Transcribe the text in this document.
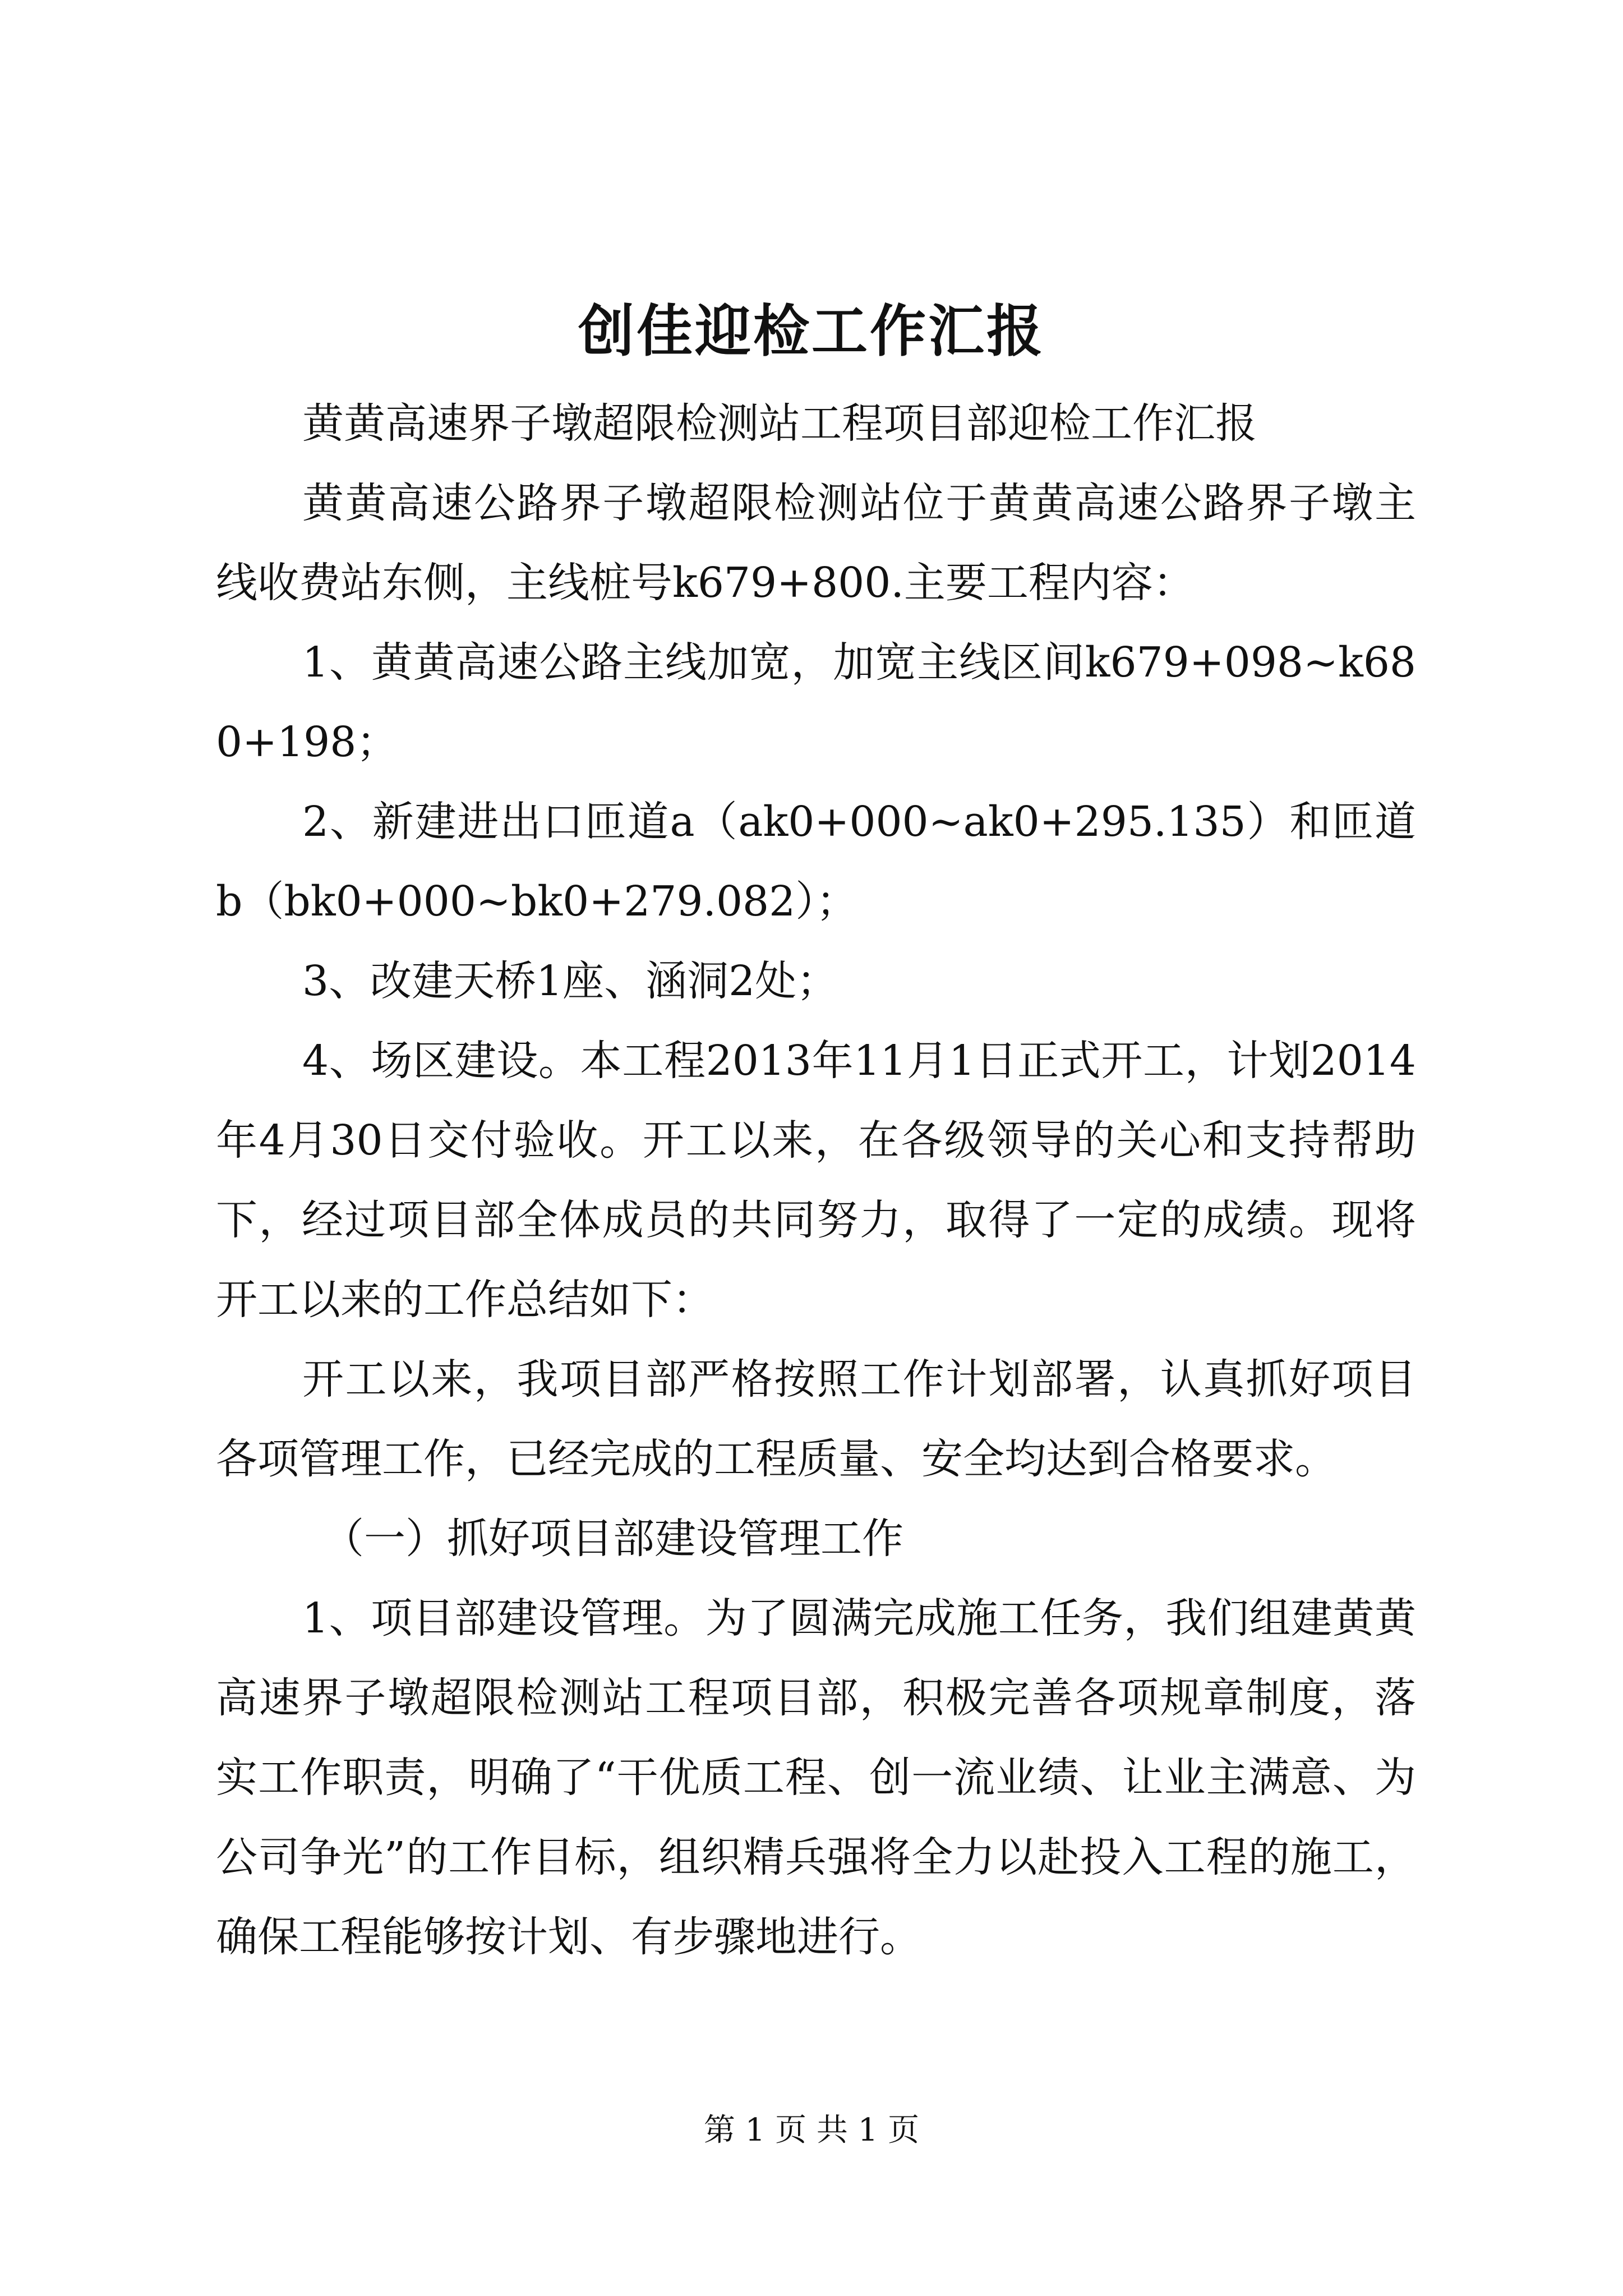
创佳迎检工作汇报

黄黄高速界子墩超限检测站工程项目部迎检工作汇报

黄黄高速公路界子墩超限检测站位于黄黄高速公路界子墩主线收费站东侧，主线桩号k679+800.主要工程内容：

1、黄黄高速公路主线加宽，加宽主线区间k679+098~k680+198；

2、新建进出口匝道a（ak0+000~ak0+295.135）和匝道b（bk0+000~bk0+279.082）；

3、改建天桥1座、涵洞2处；

4、场区建设。本工程2013年11月1日正式开工，计划2014年4月30日交付验收。开工以来，在各级领导的关心和支持帮助下，经过项目部全体成员的共同努力，取得了一定的成绩。现将开工以来的工作总结如下：

开工以来，我项目部严格按照工作计划部署，认真抓好项目各项管理工作，已经完成的工程质量、安全均达到合格要求。

（一）抓好项目部建设管理工作

1、项目部建设管理。为了圆满完成施工任务，我们组建黄黄高速界子墩超限检测站工程项目部，积极完善各项规章制度，落实工作职责，明确了“干优质工程、创一流业绩、让业主满意、为公司争光”的工作目标，组织精兵强将全力以赴投入工程的施工，确保工程能够按计划、有步骤地进行。

第 1 页 共 1 页
